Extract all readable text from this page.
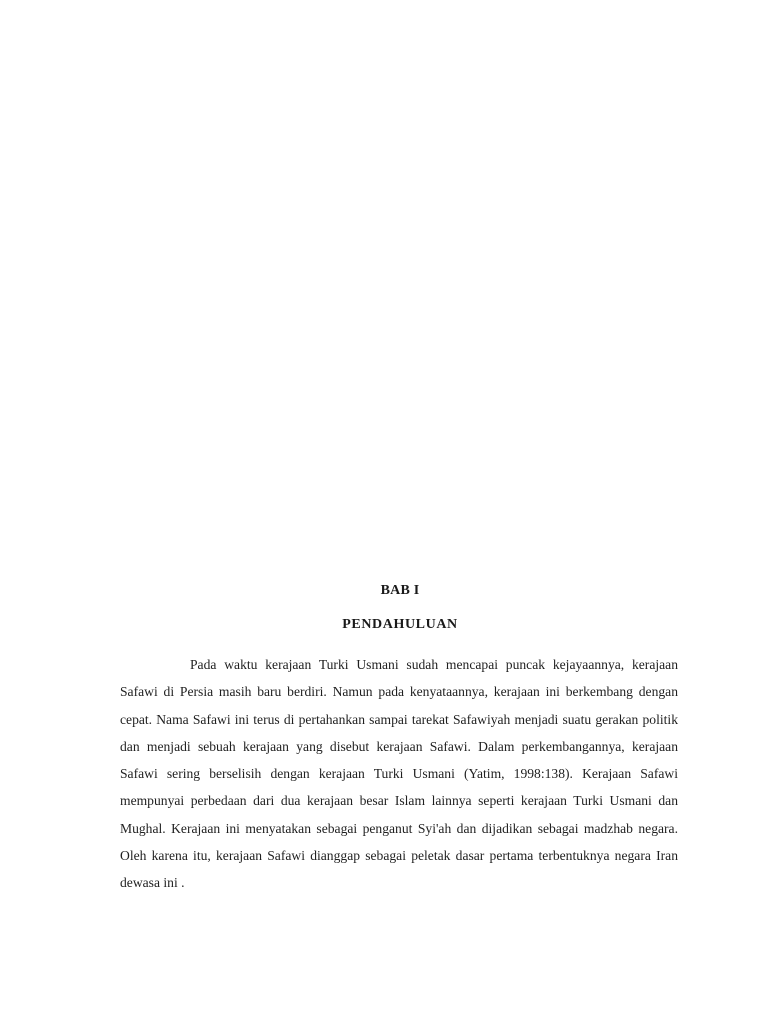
BAB I
PENDAHULUAN

Pada waktu kerajaan Turki Usmani sudah mencapai puncak kejayaannya, kerajaan Safawi di Persia masih baru berdiri. Namun pada kenyataannya, kerajaan ini berkembang dengan cepat. Nama Safawi ini terus di pertahankan sampai tarekat Safawiyah menjadi suatu gerakan politik dan menjadi sebuah kerajaan yang disebut kerajaan Safawi. Dalam perkembangannya, kerajaan Safawi sering berselisih dengan kerajaan Turki Usmani (Yatim, 1998:138). Kerajaan Safawi mempunyai perbedaan dari dua kerajaan besar Islam lainnya seperti kerajaan Turki Usmani dan Mughal. Kerajaan ini menyatakan sebagai penganut Syi'ah dan dijadikan sebagai madzhab negara. Oleh karena itu, kerajaan Safawi dianggap sebagai peletak dasar pertama terbentuknya negara Iran dewasa ini .
